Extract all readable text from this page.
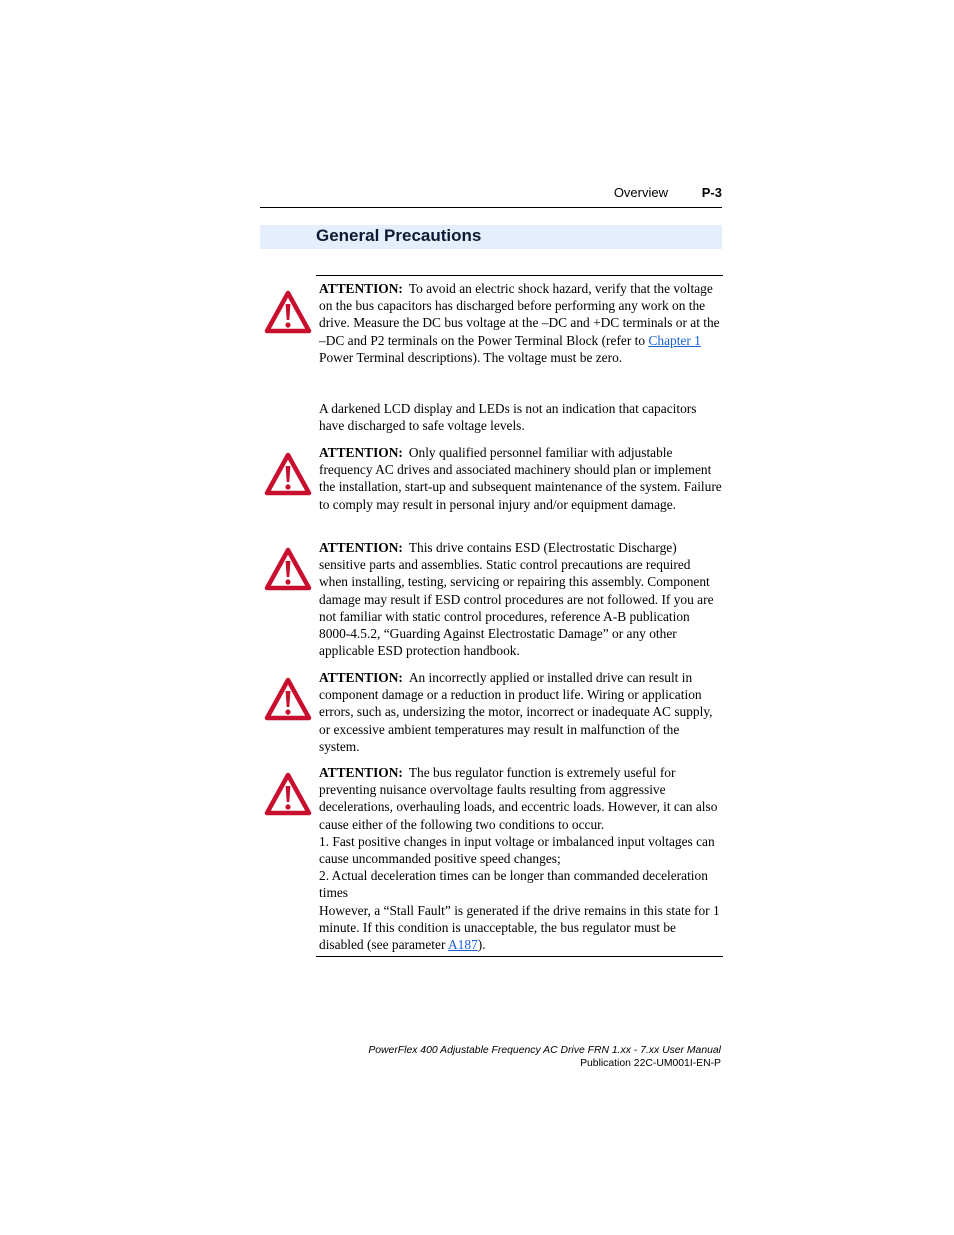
Overview	P-3
General Precautions

ATTENTION: To avoid an electric shock hazard, verify that the voltage on the bus capacitors has discharged before performing any work on the drive. Measure the DC bus voltage at the –DC and +DC terminals or at the –DC and P2 terminals on the Power Terminal Block (refer to Chapter 1 Power Terminal descriptions). The voltage must be zero.

A darkened LCD display and LEDs is not an indication that capacitors have discharged to safe voltage levels.

ATTENTION: Only qualified personnel familiar with adjustable frequency AC drives and associated machinery should plan or implement the installation, start-up and subsequent maintenance of the system. Failure to comply may result in personal injury and/or equipment damage.

ATTENTION: This drive contains ESD (Electrostatic Discharge) sensitive parts and assemblies. Static control precautions are required when installing, testing, servicing or repairing this assembly. Component damage may result if ESD control procedures are not followed. If you are not familiar with static control procedures, reference A-B publication 8000-4.5.2, “Guarding Against Electrostatic Damage” or any other applicable ESD protection handbook.

ATTENTION: An incorrectly applied or installed drive can result in component damage or a reduction in product life. Wiring or application errors, such as, undersizing the motor, incorrect or inadequate AC supply, or excessive ambient temperatures may result in malfunction of the system.

ATTENTION: The bus regulator function is extremely useful for preventing nuisance overvoltage faults resulting from aggressive decelerations, overhauling loads, and eccentric loads. However, it can also cause either of the following two conditions to occur.
1. Fast positive changes in input voltage or imbalanced input voltages can cause uncommanded positive speed changes;
2. Actual deceleration times can be longer than commanded deceleration times
However, a “Stall Fault” is generated if the drive remains in this state for 1 minute. If this condition is unacceptable, the bus regulator must be disabled (see parameter A187).
PowerFlex 400 Adjustable Frequency AC Drive FRN 1.xx - 7.xx User Manual
Publication 22C-UM001I-EN-P
